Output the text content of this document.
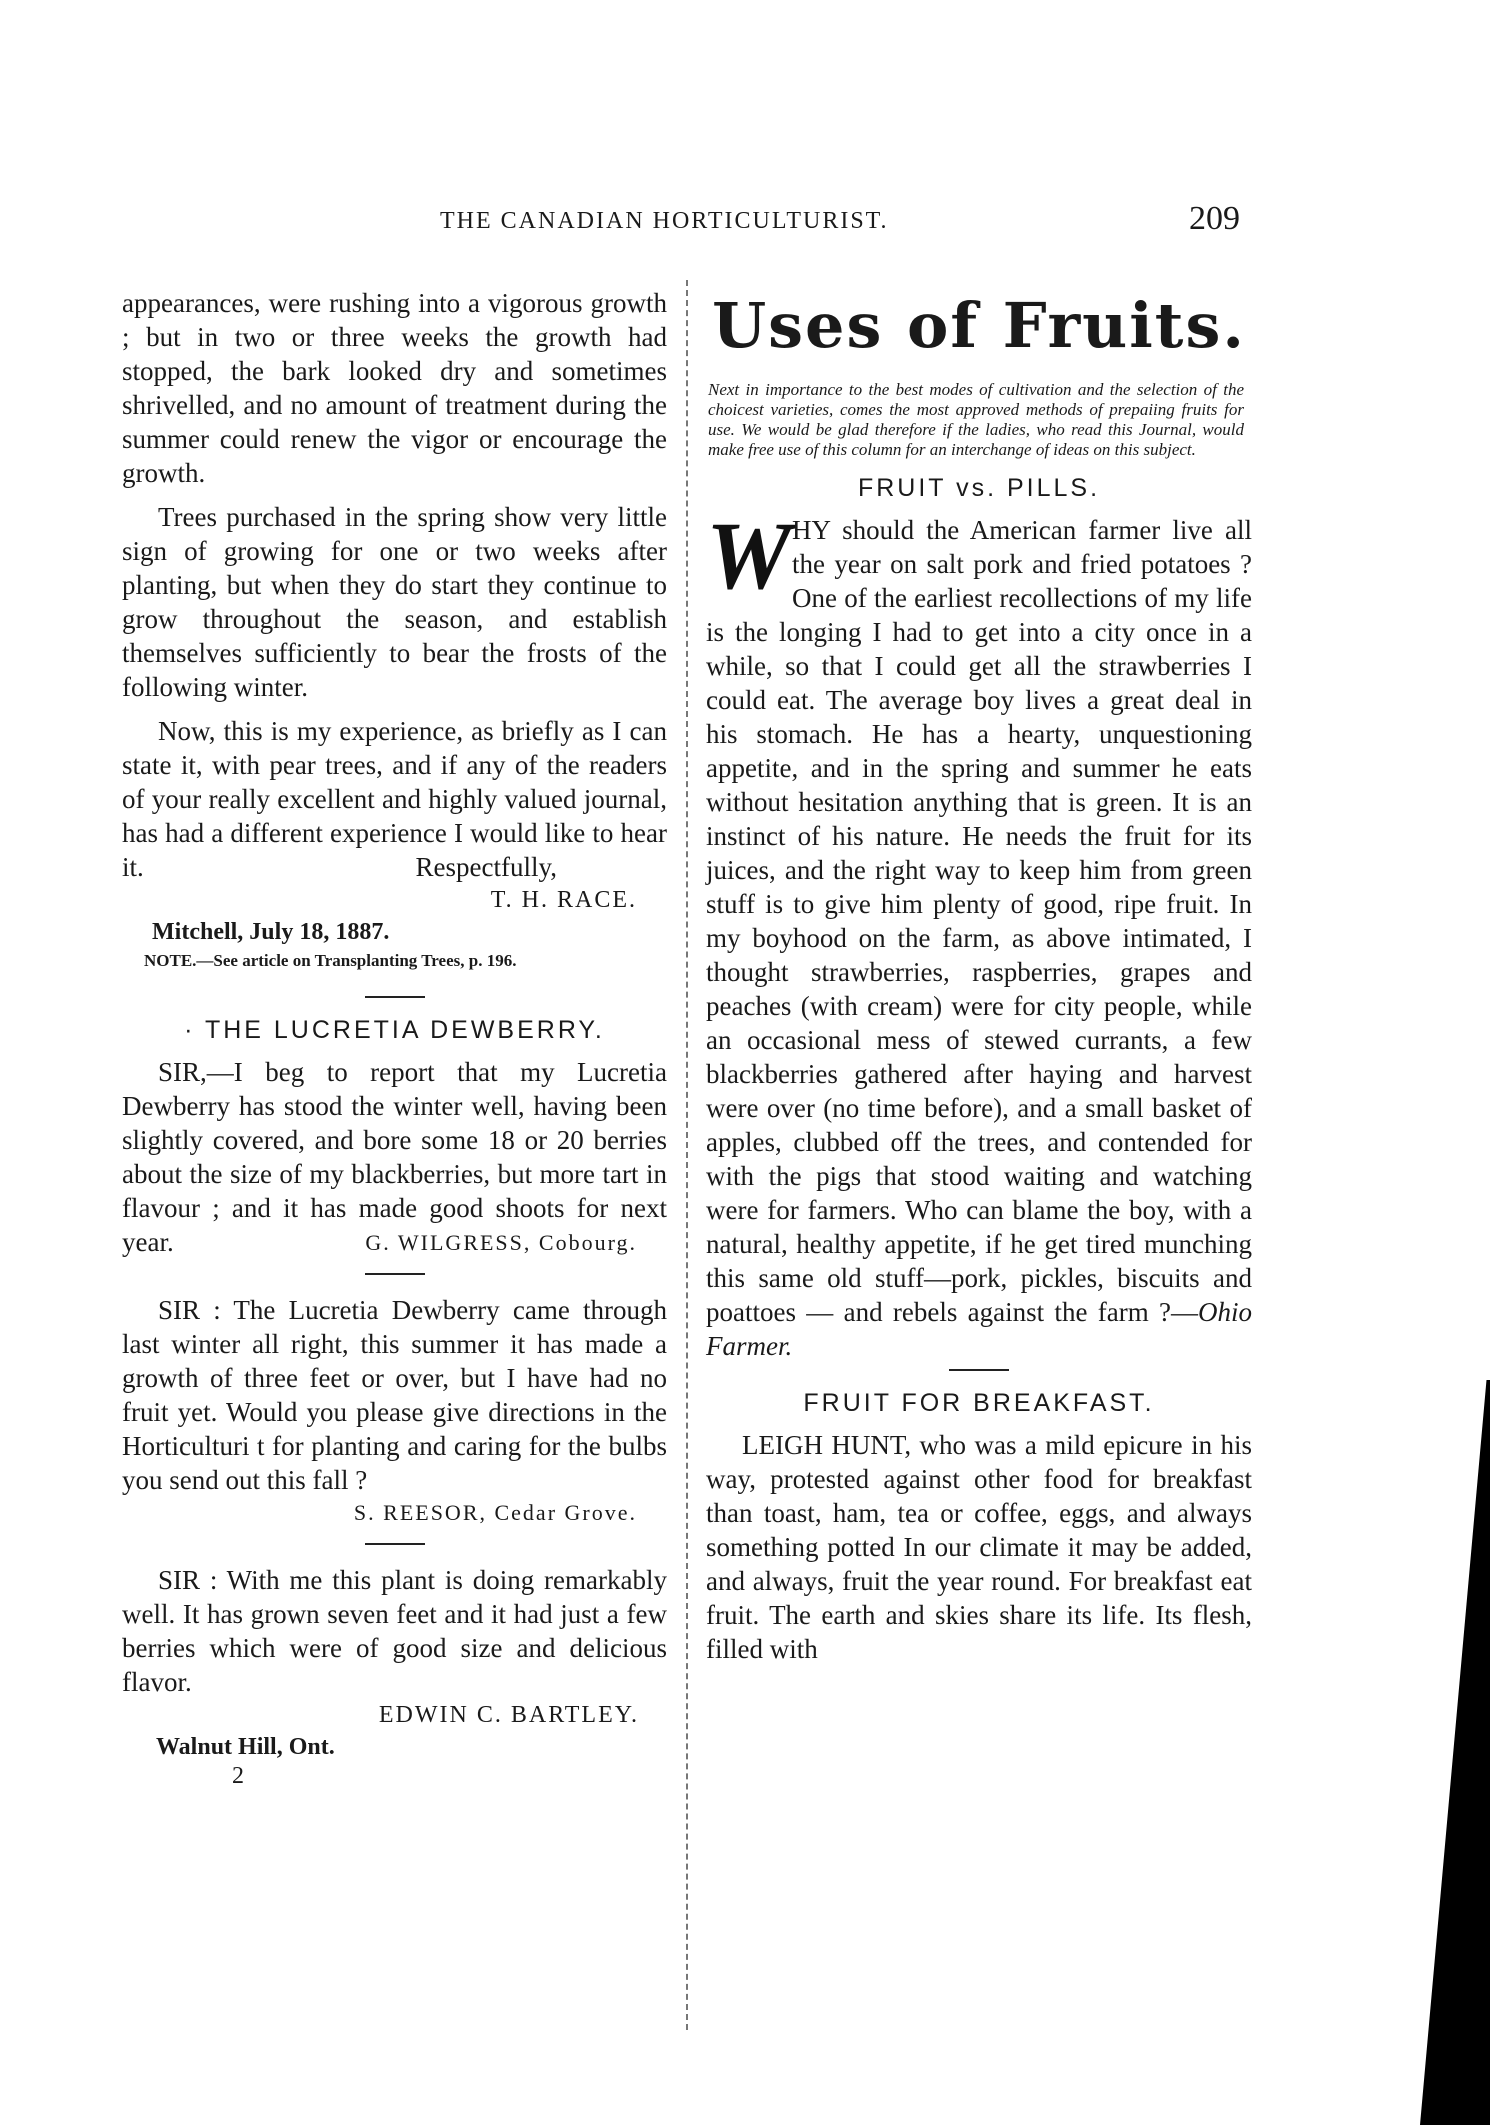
THE CANADIAN HORTICULTURIST.	209

appearances, were rushing into a vigorous growth ; but in two or three weeks the growth had stopped, the bark looked dry and sometimes shrivelled, and no amount of treatment during the summer could renew the vigor or encourage the growth.

Trees purchased in the spring show very little sign of growing for one or two weeks after planting, but when they do start they continue to grow throughout the season, and establish themselves sufficiently to bear the frosts of the following winter.

Now, this is my experience, as briefly as I can state it, with pear trees, and if any of the readers of your really excellent and highly valued journal, has had a different experience I would like to hear it.	Respectfully,

T. H. RACE.
Mitchell, July 18, 1887.
NOTE.—See article on Transplanting Trees, p. 196.
· THE LUCRETIA DEWBERRY.

SIR,—I beg to report that my Lucretia Dewberry has stood the winter well, having been slightly covered, and bore some 18 or 20 berries about the size of my blackberries, but more tart in flavour ; and it has made good shoots for next year.	G. WILGRESS, Cobourg.

SIR : The Lucretia Dewberry came through last winter all right, this summer it has made a growth of three feet or over, but I have had no fruit yet. Would you please give directions in the Horticulturi t for planting and caring for the bulbs you send out this fall ?

S. REESOR, Cedar Grove.

SIR : With me this plant is doing remarkably well. It has grown seven feet and it had just a few berries which were of good size and delicious flavor.

EDWIN C. BARTLEY.
Walnut Hill, Ont.
2
Uses of Fruits.
Next in importance to the best modes of cultivation and the selection of the choicest varieties, comes the most approved methods of prepaiing fruits for use. We would be glad therefore if the ladies, who read this Journal, would make free use of this column for an interchange of ideas on this subject.
FRUIT vs. PILLS.
W HY should the American farmer live all the year on salt pork and fried potatoes ? One of the earliest recollections of my life is the longing I had to get into a city once in a while, so that I could get all the strawberries I could eat. The average boy lives a great deal in his stomach. He has a hearty, unquestioning appetite, and in the spring and summer he eats without hesitation anything that is green. It is an instinct of his nature. He needs the fruit for its juices, and the right way to keep him from green stuff is to give him plenty of good, ripe fruit. In my boyhood on the farm, as above intimated, I thought strawberries, raspberries, grapes and peaches (with cream) were for city people, while an occasional mess of stewed currants, a few blackberries gathered after haying and harvest were over (no time before), and a small basket of apples, clubbed off the trees, and contended for with the pigs that stood waiting and watching were for farmers. Who can blame the boy, with a natural, healthy appetite, if he get tired munching this same old stuff—pork, pickles, biscuits and poattoes — and rebels against the farm ?—Ohio Farmer.

FRUIT FOR BREAKFAST.

LEIGH HUNT, who was a mild epicure in his way, protested against other food for breakfast than toast, ham, tea or coffee, eggs, and always something potted In our climate it may be added, and always, fruit the year round. For breakfast eat fruit. The earth and skies share its life. Its flesh, filled with
